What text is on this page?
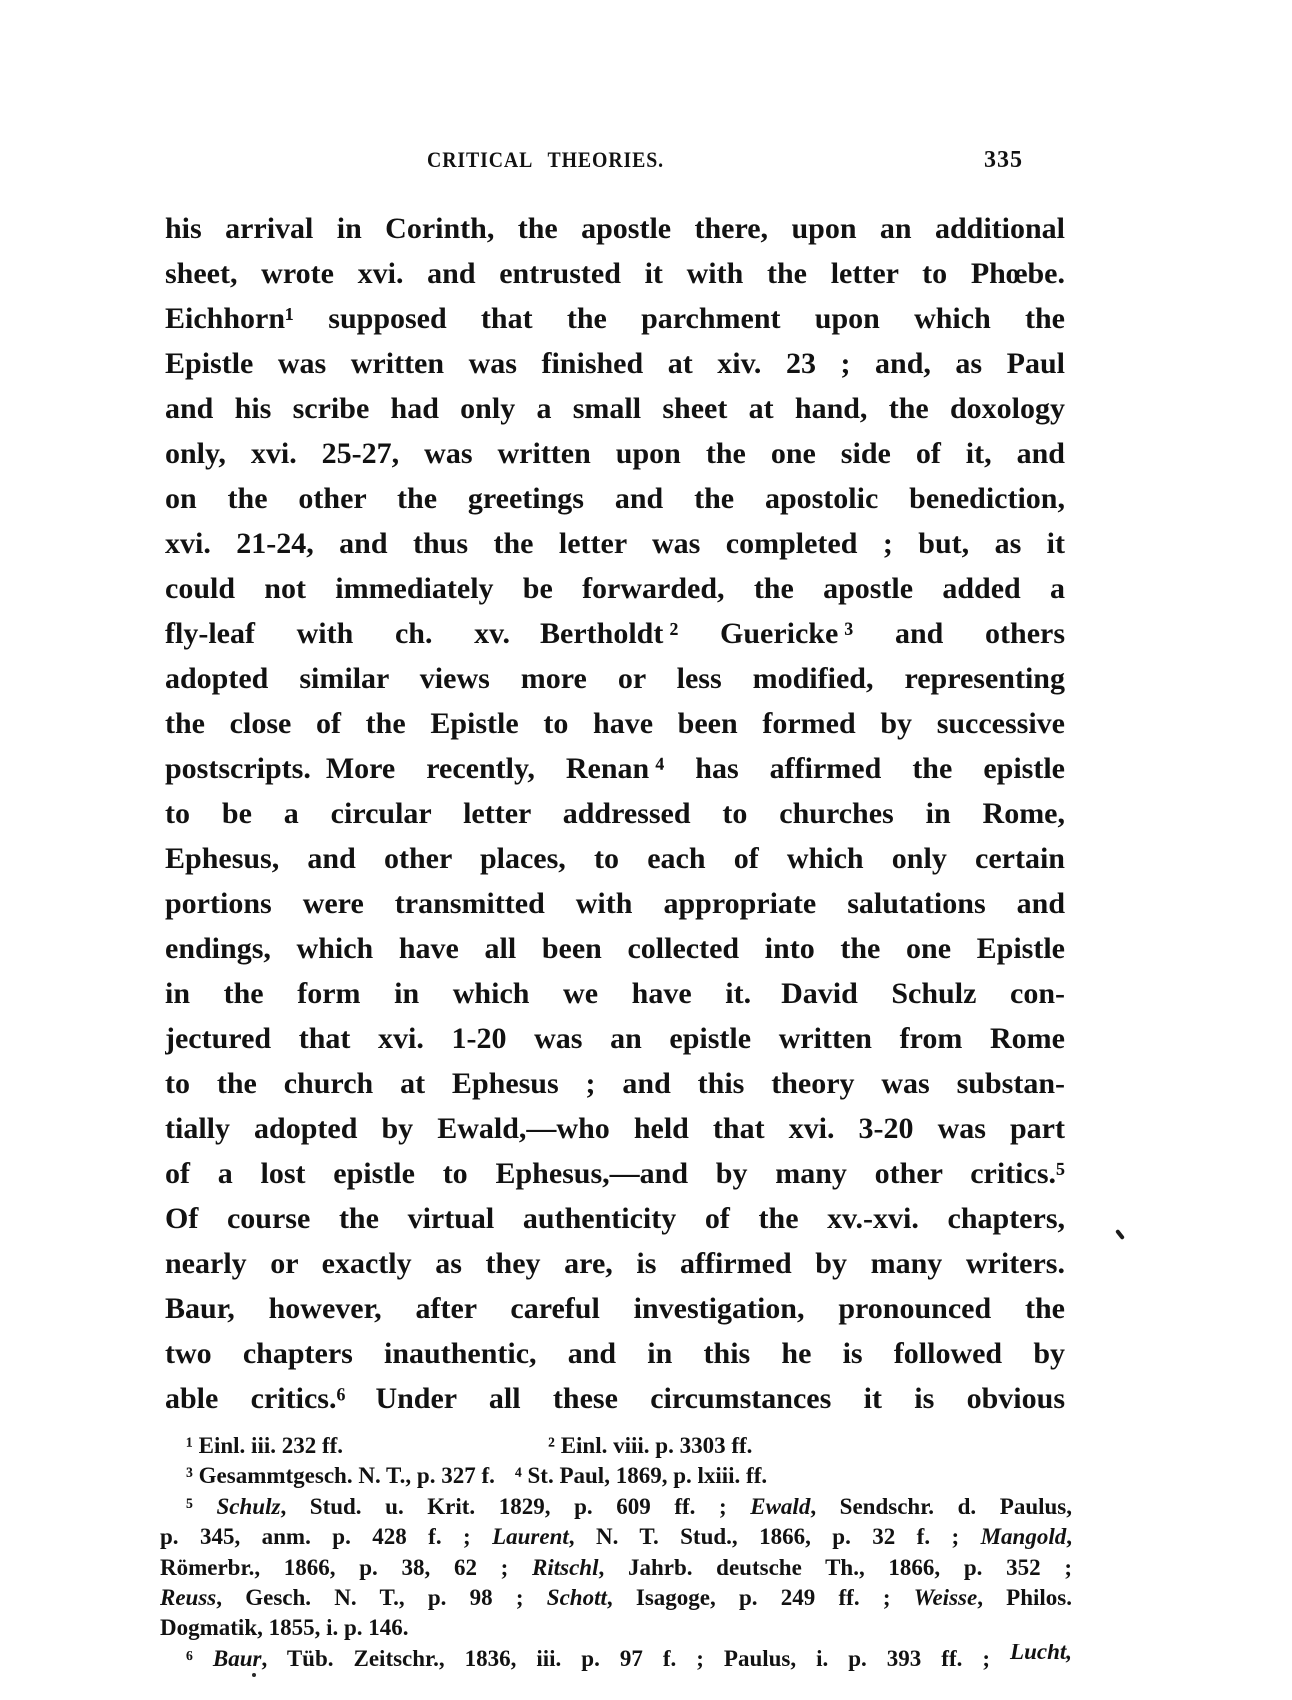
CRITICAL THEORIES.	335
his arrival in Corinth, the apostle there, upon an additional
sheet, wrote xvi. and entrusted it with the letter to Phœbe.
Eichhorn¹ supposed that the parchment upon which the
Epistle was written was finished at xiv. 23 ; and, as Paul
and his scribe had only a small sheet at hand, the doxology
only, xvi. 25-27, was written upon the one side of it, and
on the other the greetings and the apostolic benediction,
xvi. 21-24, and thus the letter was completed ; but, as it
could not immediately be forwarded, the apostle added a
fly-leaf with ch. xv. Bertholdt ² Guericke ³ and others
adopted similar views more or less modified, representing
the close of the Epistle to have been formed by successive
postscripts. More recently, Renan ⁴ has affirmed the epistle
to be a circular letter addressed to churches in Rome,
Ephesus, and other places, to each of which only certain
portions were transmitted with appropriate salutations and
endings, which have all been collected into the one Epistle
in the form in which we have it. David Schulz con-
jectured that xvi. 1-20 was an epistle written from Rome
to the church at Ephesus ; and this theory was substan-
tially adopted by Ewald,—who held that xvi. 3-20 was part
of a lost epistle to Ephesus,—and by many other critics.⁵
Of course the virtual authenticity of the xv.-xvi. chapters,
nearly or exactly as they are, is affirmed by many writers.
Baur, however, after careful investigation, pronounced the
two chapters inauthentic, and in this he is followed by
able critics.⁶ Under all these circumstances it is obvious
¹ Einl. iii. 232 ff.	² Einl. viii. p. 3303 ff.
³ Gesammtgesch. N. T., p. 327 f. ⁴ St. Paul, 1869, p. lxiii. ff.
⁵ Schulz, Stud. u. Krit. 1829, p. 609 ff. ; Ewald, Sendschr. d. Paulus,
p. 345, anm. p. 428 f. ; Laurent, N. T. Stud., 1866, p. 32 f. ; Mangold,
Römerbr., 1866, p. 38, 62 ; Ritschl, Jahrb. deutsche Th., 1866, p. 352 ;
Reuss, Gesch. N. T., p. 98 ; Schott, Isagoge, p. 249 ff. ; Weisse, Philos.
Dogmatik, 1855, i. p. 146.
⁶ Baur, Tüb. Zeitschr., 1836, iii. p. 97 f. ; Paulus, i. p. 393 ff. ; Lucht,
